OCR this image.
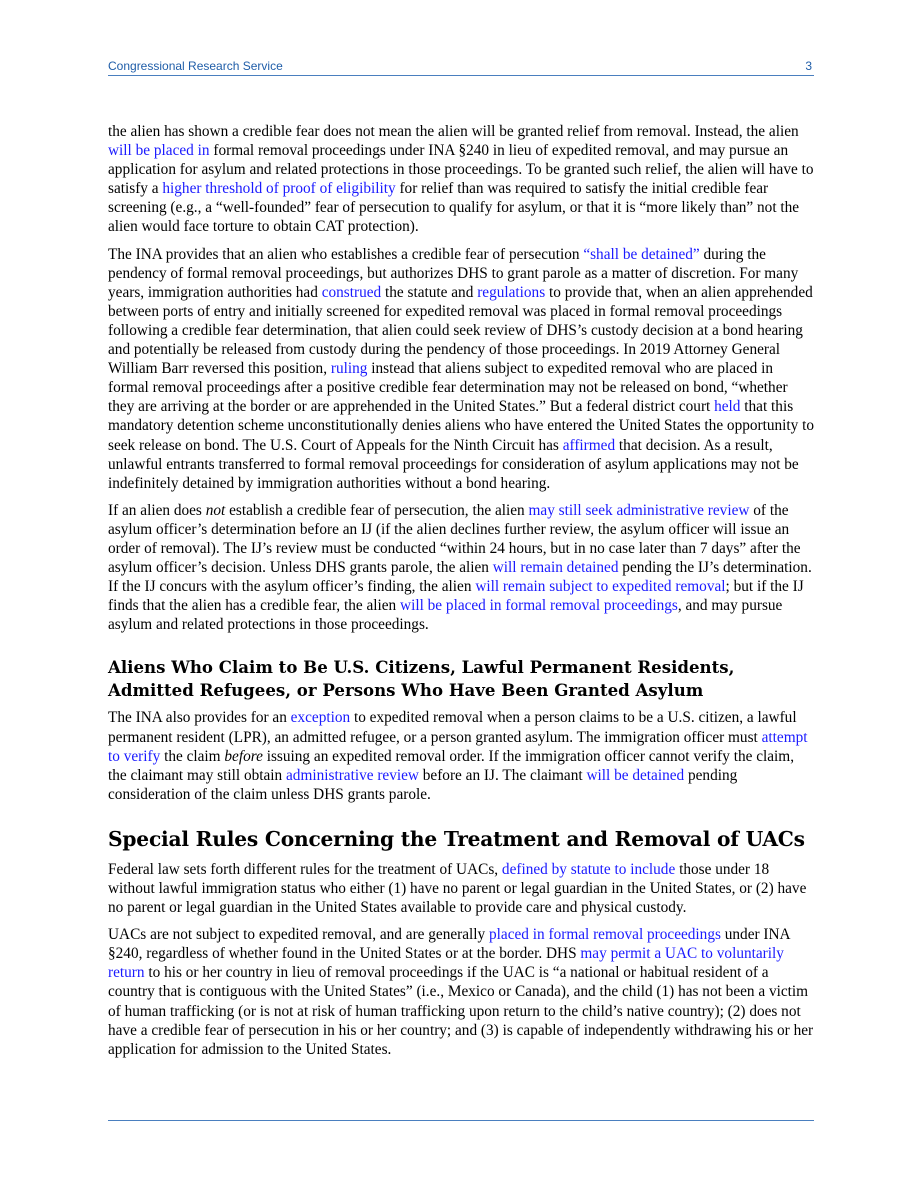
Congressional Research Service	3

the alien has shown a credible fear does not mean the alien will be granted relief from removal. Instead, the alien will be placed in formal removal proceedings under INA §240 in lieu of expedited removal, and may pursue an application for asylum and related protections in those proceedings. To be granted such relief, the alien will have to satisfy a higher threshold of proof of eligibility for relief than was required to satisfy the initial credible fear screening (e.g., a “well-founded” fear of persecution to qualify for asylum, or that it is “more likely than” not the alien would face torture to obtain CAT protection).

The INA provides that an alien who establishes a credible fear of persecution “shall be detained” during the pendency of formal removal proceedings, but authorizes DHS to grant parole as a matter of discretion. For many years, immigration authorities had construed the statute and regulations to provide that, when an alien apprehended between ports of entry and initially screened for expedited removal was placed in formal removal proceedings following a credible fear determination, that alien could seek review of DHS’s custody decision at a bond hearing and potentially be released from custody during the pendency of those proceedings. In 2019 Attorney General William Barr reversed this position, ruling instead that aliens subject to expedited removal who are placed in formal removal proceedings after a positive credible fear determination may not be released on bond, “whether they are arriving at the border or are apprehended in the United States.” But a federal district court held that this mandatory detention scheme unconstitutionally denies aliens who have entered the United States the opportunity to seek release on bond. The U.S. Court of Appeals for the Ninth Circuit has affirmed that decision. As a result, unlawful entrants transferred to formal removal proceedings for consideration of asylum applications may not be indefinitely detained by immigration authorities without a bond hearing.

If an alien does not establish a credible fear of persecution, the alien may still seek administrative review of the asylum officer’s determination before an IJ (if the alien declines further review, the asylum officer will issue an order of removal). The IJ’s review must be conducted “within 24 hours, but in no case later than 7 days” after the asylum officer’s decision. Unless DHS grants parole, the alien will remain detained pending the IJ’s determination. If the IJ concurs with the asylum officer’s finding, the alien will remain subject to expedited removal; but if the IJ finds that the alien has a credible fear, the alien will be placed in formal removal proceedings, and may pursue asylum and related protections in those proceedings.

Aliens Who Claim to Be U.S. Citizens, Lawful Permanent Residents, Admitted Refugees, or Persons Who Have Been Granted Asylum

The INA also provides for an exception to expedited removal when a person claims to be a U.S. citizen, a lawful permanent resident (LPR), an admitted refugee, or a person granted asylum. The immigration officer must attempt to verify the claim before issuing an expedited removal order. If the immigration officer cannot verify the claim, the claimant may still obtain administrative review before an IJ. The claimant will be detained pending consideration of the claim unless DHS grants parole.

Special Rules Concerning the Treatment and Removal of UACs

Federal law sets forth different rules for the treatment of UACs, defined by statute to include those under 18 without lawful immigration status who either (1) have no parent or legal guardian in the United States, or (2) have no parent or legal guardian in the United States available to provide care and physical custody.

UACs are not subject to expedited removal, and are generally placed in formal removal proceedings under INA §240, regardless of whether found in the United States or at the border. DHS may permit a UAC to voluntarily return to his or her country in lieu of removal proceedings if the UAC is “a national or habitual resident of a country that is contiguous with the United States” (i.e., Mexico or Canada), and the child (1) has not been a victim of human trafficking (or is not at risk of human trafficking upon return to the child’s native country); (2) does not have a credible fear of persecution in his or her country; and (3) is capable of independently withdrawing his or her application for admission to the United States.
